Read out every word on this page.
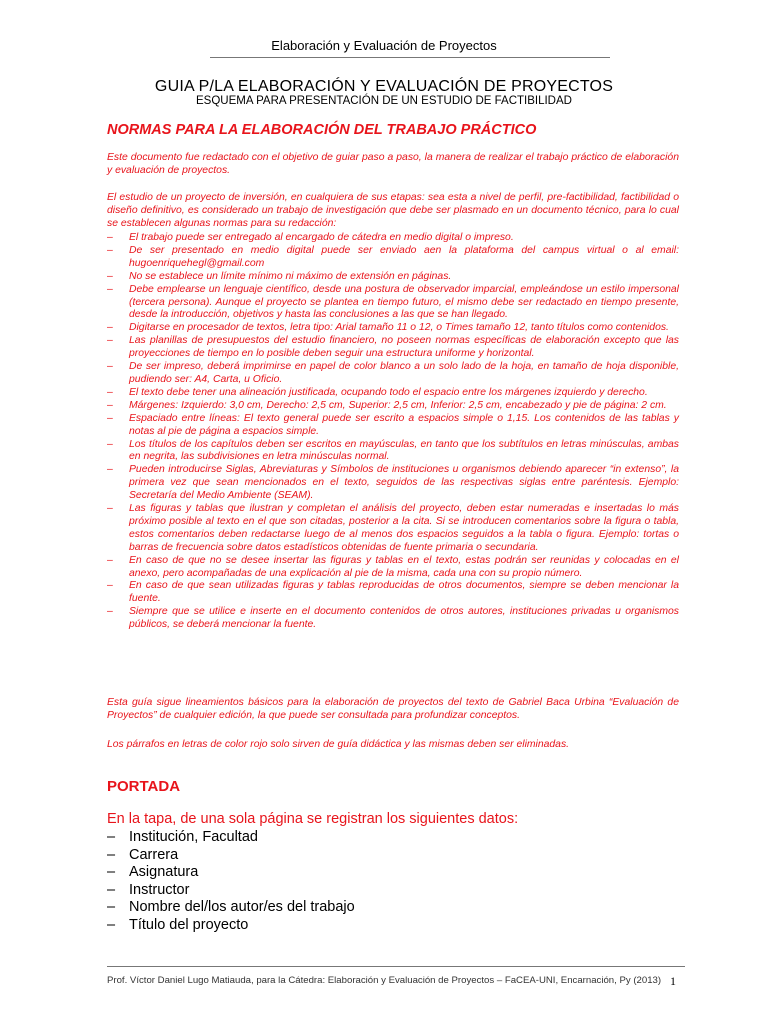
Elaboración y Evaluación de Proyectos
GUIA P/LA ELABORACIÓN Y EVALUACIÓN DE PROYECTOS
ESQUEMA PARA PRESENTACIÓN DE UN ESTUDIO DE FACTIBILIDAD
NORMAS PARA LA ELABORACIÓN DEL TRABAJO PRÁCTICO
Este documento fue redactado con el objetivo de guiar paso a paso, la manera de realizar el trabajo práctico de elaboración y evaluación de proyectos.
El estudio de un proyecto de inversión, en cualquiera de sus etapas: sea esta a nivel de perfil, pre-factibilidad, factibilidad o diseño definitivo, es considerado un trabajo de investigación que debe ser plasmado en un documento técnico, para lo cual se establecen algunas normas para su redacción:
– El trabajo puede ser entregado al encargado de cátedra en medio digital o impreso.
– De ser presentado en medio digital puede ser enviado aen la plataforma del campus virtual o al email: hugoenriquehegl@gmail.com
– No se establece un límite mínimo ni máximo de extensión en páginas.
– Debe emplearse un lenguaje científico, desde una postura de observador imparcial, empleándose un estilo impersonal (tercera persona). Aunque el proyecto se plantea en tiempo futuro, el mismo debe ser redactado en tiempo presente, desde la introducción, objetivos y hasta las conclusiones a las que se han llegado.
– Digitarse en procesador de textos, letra tipo: Arial tamaño 11 o 12, o Times tamaño 12, tanto títulos como contenidos.
– Las planillas de presupuestos del estudio financiero, no poseen normas específicas de elaboración excepto que las proyecciones de tiempo en lo posible deben seguir una estructura uniforme y horizontal.
– De ser impreso, deberá imprimirse en papel de color blanco a un solo lado de la hoja, en tamaño de hoja disponible, pudiendo ser: A4, Carta, u Oficio.
– El texto debe tener una alineación justificada, ocupando todo el espacio entre los márgenes izquierdo y derecho.
– Márgenes: Izquierdo: 3,0 cm, Derecho: 2,5 cm, Superior: 2,5 cm, Inferior: 2,5 cm, encabezado y pie de página: 2 cm.
– Espaciado entre líneas: El texto general puede ser escrito a espacios simple o 1,15. Los contenidos de las tablas y notas al pie de página a espacios simple.
– Los títulos de los capítulos deben ser escritos en mayúsculas, en tanto que los subtítulos en letras minúsculas, ambas en negrita, las subdivisiones en letra minúsculas normal.
– Pueden introducirse Siglas, Abreviaturas y Símbolos de instituciones u organismos debiendo aparecer “in extenso”, la primera vez que sean mencionados en el texto, seguidos de las respectivas siglas entre paréntesis. Ejemplo: Secretaría del Medio Ambiente (SEAM).
– Las figuras y tablas que ilustran y completan el análisis del proyecto, deben estar numeradas e insertadas lo más próximo posible al texto en el que son citadas, posterior a la cita. Si se introducen comentarios sobre la figura o tabla, estos comentarios deben redactarse luego de al menos dos espacios seguidos a la tabla o figura. Ejemplo: tortas o barras de frecuencia sobre datos estadísticos obtenidas de fuente primaria o secundaria.
– En caso de que no se desee insertar las figuras y tablas en el texto, estas podrán ser reunidas y colocadas en el anexo, pero acompañadas de una explicación al pie de la misma, cada una con su propio número.
– En caso de que sean utilizadas figuras y tablas reproducidas de otros documentos, siempre se deben mencionar la fuente.
– Siempre que se utilice e inserte en el documento contenidos de otros autores, instituciones privadas u organismos públicos, se deberá mencionar la fuente.
Esta guía sigue lineamientos básicos para la elaboración de proyectos del texto de Gabriel Baca Urbina “Evaluación de Proyectos” de cualquier edición, la que puede ser consultada para profundizar conceptos.
Los párrafos en letras de color rojo solo sirven de guía didáctica y las mismas deben ser eliminadas.
PORTADA
En la tapa, de una sola página se registran los siguientes datos:
– Institución, Facultad
– Carrera
– Asignatura
– Instructor
– Nombre del/los autor/es del trabajo
– Título del proyecto
Prof. Víctor Daniel Lugo Matiauda, para la Cátedra: Elaboración y Evaluación de Proyectos – FaCEA-UNI, Encarnación, Py (2013) 1
